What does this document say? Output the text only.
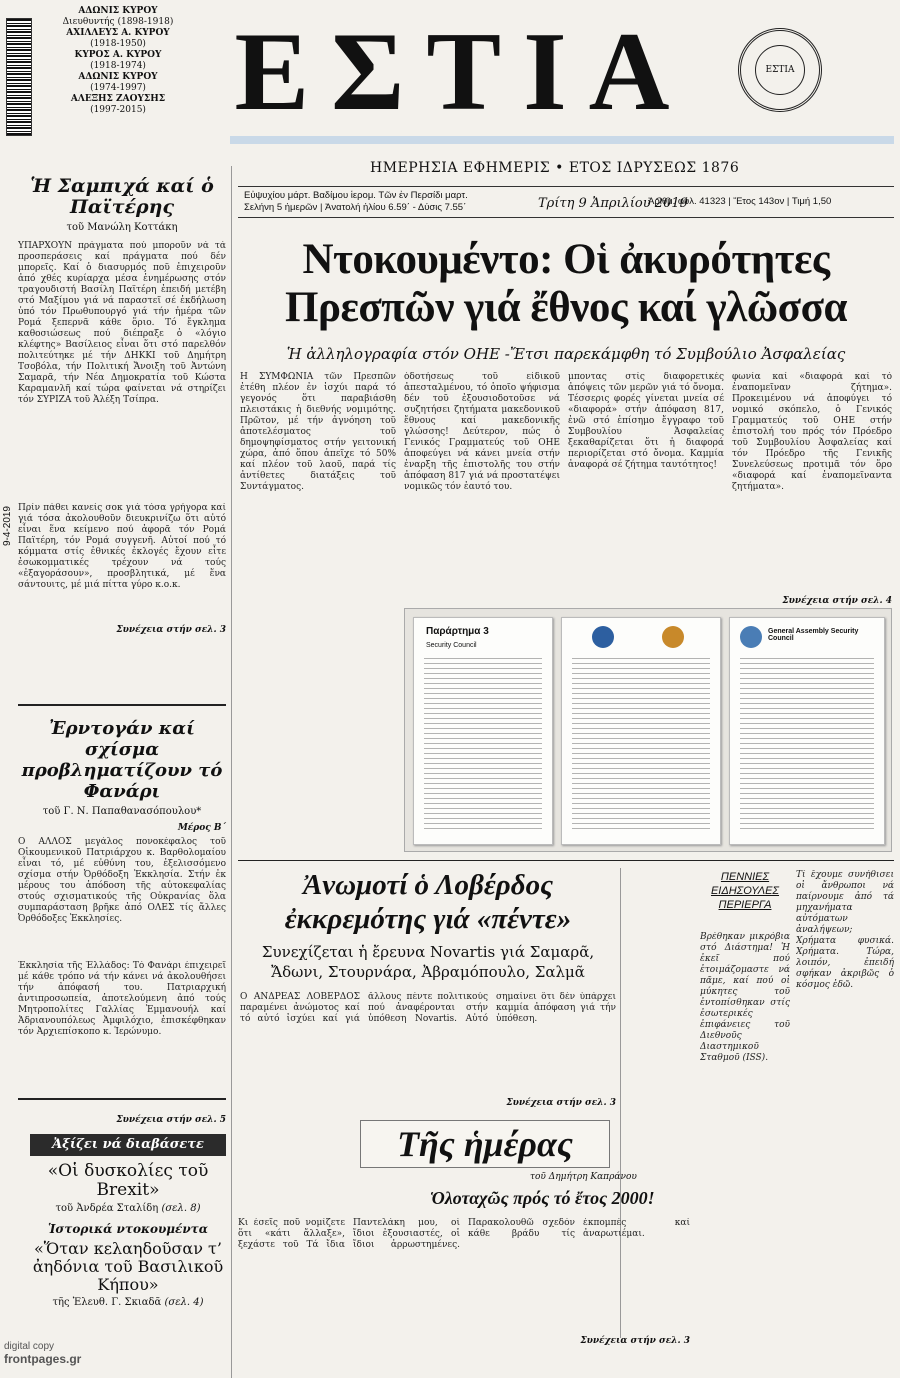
ΑΔΩΝΙΣ ΚΥΡΟΥ
Διευθυντής (1898-1918)
ΑΧΙΛΛΕΥΣ Α. ΚΥΡΟΥ
(1918-1950)
ΚΥΡΟΣ Α. ΚΥΡΟΥ
(1918-1974)
ΑΔΩΝΙΣ ΚΥΡΟΥ
(1974-1997)
ΑΛΕΞΗΣ ΖΑΟΥΣΗΣ
(1997-2015) ΕΣΤΙΑ	ΕΣΤΙΑ
ΗΜΕΡΗΣΙΑ ΕΦΗΜΕΡΙΣ • ΕΤΟΣ ΙΔΡΥΣΕΩΣ 1876
Εὐψυχίου μάρτ. Βαδίμου ἱερομ. Τῶν ἐν Περσίδι μαρτ.
Σελήνη 5 ἡμερῶν | Ἀνατολή ἡλίου 6.59΄ - Δύσις 7.55΄	Τρίτη 9 Ἀπριλίου 2019
Ἀριθμ. φύλ. 41323 | Ἔτος 143ον | Τιμή 1,50
9-4-2019
Ἡ Σαμπιχά καί ὁ Παϊτέρης
τοῦ Μανώλη Κοττάκη
ΥΠΑΡΧΟΥΝ πράγματα πού μποροῦν νά τά προσπεράσεις καί πράγματα πού δέν μπορεῖς. Καί ὁ διασυρμός ποῦ ἐπιχειροῦν ἀπό χθές κυρίαρχα μέσα ἐνημέρωσης στόν τραγουδιστή Βασίλη Παϊτέρη ἐπειδή μετέβη στό Μαξίμου γιά νά παραστεῖ σέ ἐκδήλωση ὑπό τόν Πρωθυπουργό γιά τήν ἡμέρα τῶν Ρομά ξεπερνᾶ κάθε ὅριο. Τό ἔγκλημα καθοσιώσεως πού διέπραξε ὁ «λόγιο κλέφτης» Βασίλειος εἶναι ὅτι στό παρελθόν πολιτεύτηκε μέ τήν ΔΗΚΚΙ τοῦ Δημήτρη Τσοβόλα, τήν Πολιτική Ἄνοιξη τοῦ Ἀντώνη Σαμαρᾶ, τήν Νέα Δημοκρατία τοῦ Κώστα Καραμανλῆ καί τώρα φαίνεται νά στηρίζει τόν ΣΥΡΙΖΑ τοῦ Ἀλέξη Τσίπρα.
Πρίν πάθει κανείς σοκ γιά τόσα γρήγορα καί γιά τόσα ἀκολουθοῦν διευκρινίζω ὅτι αὐτό εἶναι ἕνα κείμενο πού ἀφορᾶ τόν Ρομά Παϊτέρη, τόν Ρομά συγγενῆ. Αὐτοί πού τό κόμματα στίς ἐθνικές ἐκλογές ἔχουν εἶτε ἐσωκομματικές τρέχουν νά τούς «ἐξαγοράσουν», προσβλητικά, μέ ἕνα σάντουιτς, μέ μιά πίττα γύρο κ.ο.κ.
Συνέχεια στήν σελ. 3
Ἐρντογάν καί σχίσμα προβληματίζουν τό Φανάρι
τοῦ Γ. Ν. Παπαθανασόπουλου*
Μέρος Β΄
Ο ΑΛΛΟΣ μεγάλος πονοκέφαλος τοῦ Οἰκουμενικοῦ Πατριάρχου κ. Βαρθολομαίου εἶναι τό, μέ εὐθύνη του, ἐξελισσόμενο σχίσμα στήν Ὀρθόδοξη Ἐκκλησία. Στήν ἐκ μέρους του ἀπόδοση τῆς αὐτοκεφαλίας στούς σχισματικούς τῆς Οὐκρανίας ὅλα συμπαράσταση βρῆκε ἀπό ΟΛΕΣ τίς ἄλλες Ὀρθόδοξες Ἐκκλησίες.
Ἐκκλησία τῆς Ἑλλάδος: Τό Φανάρι ἐπιχειρεῖ μέ κάθε τρόπο νά τήν κάνει νά ἀκολουθήσει τήν ἀπόφασή του. Πατριαρχική ἀντιπροσωπεία, ἀποτελούμενη ἀπό τούς Μητροπολίτες Γαλλίας Ἐμμανουήλ καί Ἀδριανουπόλεως Ἀμφιλόχιο, ἐπισκέφθηκαν τόν Ἀρχιεπίσκοπο κ. Ἱερώνυμο.
Συνέχεια στήν σελ. 5
Ἀξίζει νά διαβάσετε
«Οἱ δυσκολίες τοῦ Brexit»
τοῦ Ἀνδρέα Σταλίδη (σελ. 8)
Ἱστορικά ντοκουμέντα
«Ὅταν κελαηδοῦσαν τ’ ἀηδόνια τοῦ Βασιλικοῦ Κήπου»
τῆς Ἐλευθ. Γ. Σκιαδᾶ (σελ. 4)
Ντοκουμέντο: Οἱ ἀκυρότητες
Πρεσπῶν γιά ἔθνος καί γλῶσσα
Ἡ ἀλληλογραφία στόν ΟΗΕ -Ἔτσι παρεκάμφθη τό Συμβούλιο Ἀσφαλείας
Η ΣΥΜΦΩΝΙΑ τῶν Πρεσπῶν ἐτέθη πλέον ἐν ἰσχύι παρά τό γεγονός ὅτι παραβιάσθη πλειστάκις ἡ διεθνής νομιμότης. Πρῶτον, μέ τήν ἀγνόηση τοῦ ἀποτελέσματος τοῦ δημοψηφίσματος στήν γειτονική χώρα, ἀπό ὅπου ἀπεῖχε τό 50% καί πλέον τοῦ λαοῦ, παρά τίς ἀντίθετες διατάξεις τοῦ Συντάγματος.
ὁδοτήσεως τοῦ εἰδικοῦ ἀπεσταλμένου, τό ὁποῖο ψήφισμα δέν τοῦ ἐξουσιοδοτοῦσε νά συζητήσει ζητήματα μακεδονικοῦ ἔθνους καί μακεδονικῆς γλώσσης! Δεύτερον, πώς ὁ Γενικός Γραμματεύς τοῦ ΟΗΕ ἀποφεύγει νά κάνει μνεία στήν ἐναρξη τῆς ἐπιστολῆς του στήν ἀπόφαση 817 γιά νά προστατέψει νομικῶς τόν ἑαυτό του.
μποντας στίς διαφορετικές ἀπόψεις τῶν μερῶν γιά τό ὄνομα. Τέσσερις φορές γίνεται μνεία σέ «διαφορά» στήν ἀπόφαση 817, ἐνῶ στό ἐπίσημο ἔγγραφο τοῦ Συμβουλίου Ἀσφαλείας ξεκαθαρίζεται ὅτι ἡ διαφορά περιορίζεται στό ὄνομα. Καμμία ἀναφορά σέ ζήτημα ταυτότητος!
φωνία καί «διαφορά καί τό ἐναπομεῖναν ζήτημα». Προκειμένου νά ἀποφύγει τό νομικό σκόπελο, ὁ Γενικός Γραμματεύς τοῦ ΟΗΕ στήν ἐπιστολή του πρός τόν Πρόεδρο τοῦ Συμβουλίου Ἀσφαλείας καί τόν Πρόεδρο τῆς Γενικῆς Συνελεύσεως προτιμᾶ τόν ὅρο «διαφορά καί ἐναπομεῖναντα ζητήματα».
Συνέχεια στήν σελ. 4
Παράρτημα 3
Security Council
General Assembly Security Council
Ἀνωμοτί ὁ Λοβέρδος
ἐκκρεμότης γιά «πέντε»
Συνεχίζεται ἡ ἔρευνα Novartis γιά Σαμαρᾶ, Ἄδωνι, Στουρνάρα, Ἀβραμόπουλο, Σαλμᾶ
Ο ΑΝΔΡΕΑΣ ΛΟΒΕΡΔΟΣ παραμένει ἀνώμοτος καί τό αὐτό ἰσχύει καί γιά ἄλλους πέντε πολιτικούς πού ἀναφέρονται στήν ὑπόθεση Novartis. Αὐτό σημαίνει ὅτι δέν ὑπάρχει καμμία ἀπόφαση γιά τήν ὑπόθεση.
Συνέχεια στήν σελ. 3
ΠΕΝΝΙΕΣ ΕΙΔΗΣΟΥΛΕΣ ΠΕΡΙΕΡΓΑ
Βρέθηκαν μικρόβια στό Διάστημα! Ἡ ἐκεῖ πού ἐτοιμάζομαστε νά πᾶμε, καί πού οἱ μύκητες τοῦ ἐντοπίσθηκαν στίς ἐσωτερικές ἐπιφάνειες τοῦ Διεθνοῦς Διαστημικοῦ Σταθμοῦ (ISS).
Τί ἔχουμε συνήθισει οἱ ἄνθρωποι νά παίρνουμε ἀπό τά μηχανήματα αὐτόματων ἀναλήψεων; Χρήματα φυσικά. Χρήματα. Τώρα, λοιπόν, ἐπειδή σφήκαν ἀκριβῶς ὁ κόσμος ἐδῶ.
Τῆς ἡμέρας
τοῦ Δημήτρη Καπράνου
Ὁλοταχῶς πρός τό ἔτος 2000!
Κι ἐσεῖς ποῦ νομίζετε ὅτι «κάτι ἄλλαξε», ξεχάστε τοῦ Τά ἴδια Παντελάκη μου, οἱ ἴδιοι ἐξουσιαστές, οἱ ἴδιοι ἀρρωστημένες. Παρακολουθῶ σχεδόν κάθε βράδυ τίς ἐκπομπές καί ἀναρωτιέμαι.
Συνέχεια στήν σελ. 3
digital copy
frontpages.gr
